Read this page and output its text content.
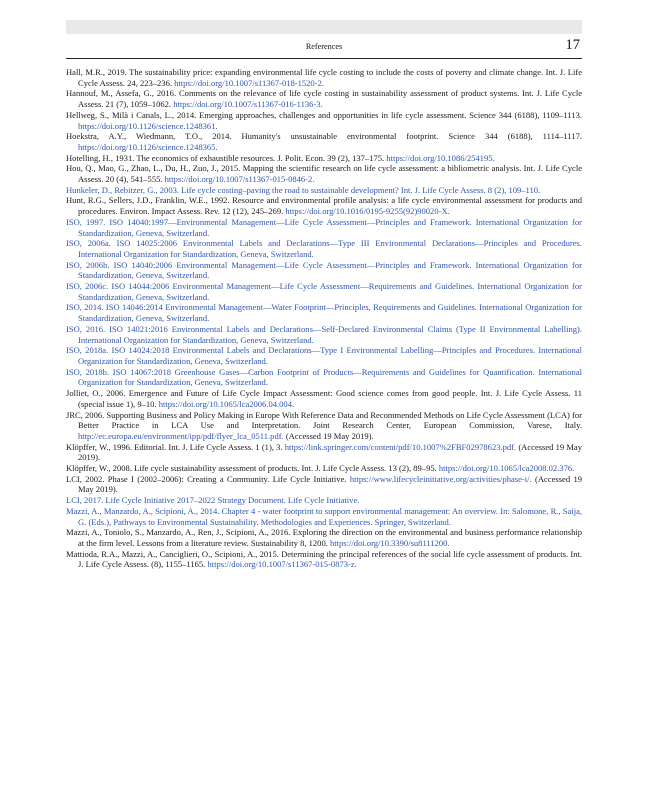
References	17

Hall, M.R., 2019. The sustainability price: expanding environmental life cycle costing to include the costs of poverty and climate change. Int. J. Life Cycle Assess. 24, 223–236. https://doi.org/10.1007/s11367-018-1520-2.

Hannouf, M., Assefa, G., 2016. Comments on the relevance of life cycle costing in sustainability assessment of product systems. Int. J. Life Cycle Assess. 21 (7), 1059–1062. https://doi.org/10.1007/s11367-016-1136-3.

Hellweg, S., Milà i Canals, L., 2014. Emerging approaches, challenges and opportunities in life cycle assessment. Science 344 (6188), 1109–1113. https://doi.org/10.1126/science.1248361.

Hoekstra, A.Y., Wiedmann, T.O., 2014. Humanity's unsustainable environmental footprint. Science 344 (6188), 1114–1117. https://doi.org/10.1126/science.1248365.

Hotelling, H., 1931. The economics of exhaustible resources. J. Polit. Econ. 39 (2), 137–175. https://doi.org/10.1086/254195.

Hou, Q., Mao, G., Zhao, L., Du, H., Zuo, J., 2015. Mapping the scientific research on life cycle assessment: a bibliometric analysis. Int. J. Life Cycle Assess. 20 (4), 541–555. https://doi.org/10.1007/s11367-015-0846-2.

Hunkeler, D., Rebitzer, G., 2003. Life cycle costing–paving the road to sustainable development? Int. J. Life Cycle Assess. 8 (2), 109–110.

Hunt, R.G., Sellers, J.D., Franklin, W.E., 1992. Resource and environmental profile analysis: a life cycle environmental assessment for products and procedures. Environ. Impact Assess. Rev. 12 (12), 245–269. https://doi.org/10.1016/0195-9255(92)90020-X.

ISO, 1997. ISO 14040:1997—Environmental Management—Life Cycle Assessment—Principles and Framework. International Organization for Standardization, Geneva, Switzerland.

ISO, 2006a. ISO 14025:2006 Environmental Labels and Declarations—Type III Environmental Declarations—Principles and Procedures. International Organization for Standardization, Geneva, Switzerland.

ISO, 2006b. ISO 14040:2006 Environmental Management—Life Cycle Assessment—Principles and Framework. International Organization for Standardization, Geneva, Switzerland.

ISO, 2006c. ISO 14044:2006 Environmental Management—Life Cycle Assessment—Requirements and Guidelines. International Organization for Standardization, Geneva, Switzerland.

ISO, 2014. ISO 14046:2014 Environmental Management—Water Footprint—Principles, Requirements and Guidelines. International Organization for Standardization, Geneva, Switzerland.

ISO, 2016. ISO 14021:2016 Environmental Labels and Declarations—Self-Declared Environmental Claims (Type II Environmental Labelling). International Organization for Standardization, Geneva, Switzerland.

ISO, 2018a. ISO 14024:2018 Environmental Labels and Declarations—Type I Environmental Labelling—Principles and Procedures. International Organization for Standardization, Geneva, Switzerland.

ISO, 2018b. ISO 14067:2018 Greenhouse Gases—Carbon Footprint of Products—Requirements and Guidelines for Quantification. International Organization for Standardization, Geneva, Switzerland.

Jolliet, O., 2006. Emergence and Future of Life Cycle Impact Assessment: Good science comes from good people. Int. J. Life Cycle Assess. 11 (special issue 1), 9–10. https://doi.org/10.1065/lca2006.04.004.

JRC, 2006. Supporting Business and Policy Making in Europe With Reference Data and Recommended Methods on Life Cycle Assessment (LCA) for Better Practice in LCA Use and Interpretation. Joint Research Center, European Commission, Varese, Italy. http://ec.europa.eu/environment/ipp/pdf/flyer_lca_0511.pdf. (Accessed 19 May 2019).

Klöpffer, W., 1996. Editorial. Int. J. Life Cycle Assess. 1 (1), 3. https://link.springer.com/content/pdf/10.1007%2FBF02978623.pdf. (Accessed 19 May 2019).

Klöpffer, W., 2008. Life cycle sustainability assessment of products. Int. J. Life Cycle Assess. 13 (2), 89–95. https://doi.org/10.1065/lca2008.02.376.

LCI, 2002. Phase I (2002–2006): Creating a Community. Life Cycle Initiative. https://www.lifecycleinitiative.org/activities/phase-i/. (Accessed 19 May 2019).

LCI, 2017. Life Cycle Initiative 2017–2022 Strategy Document. Life Cycle Initiative.

Mazzi, A., Manzardo, A., Scipioni, A., 2014. Chapter 4 - water footprint to support environmental management: An overview. In: Salomone, R., Saija, G. (Eds.), Pathways to Environmental Sustainability. Methodologies and Experiences. Springer, Switzerland.

Mazzi, A., Toniolo, S., Manzardo, A., Ren, J., Scipioni, A., 2016. Exploring the direction on the environmental and business performance relationship at the firm level. Lessons from a literature review. Sustainability 8, 1200. https://doi.org/10.3390/su8111200.

Mattioda, R.A., Mazzi, A., Canciglieri, O., Scipioni, A., 2015. Determining the principal references of the social life cycle assessment of products. Int. J. Life Cycle Assess. (8), 1155–1165. https://doi.org/10.1007/s11367-015-0873-z.
